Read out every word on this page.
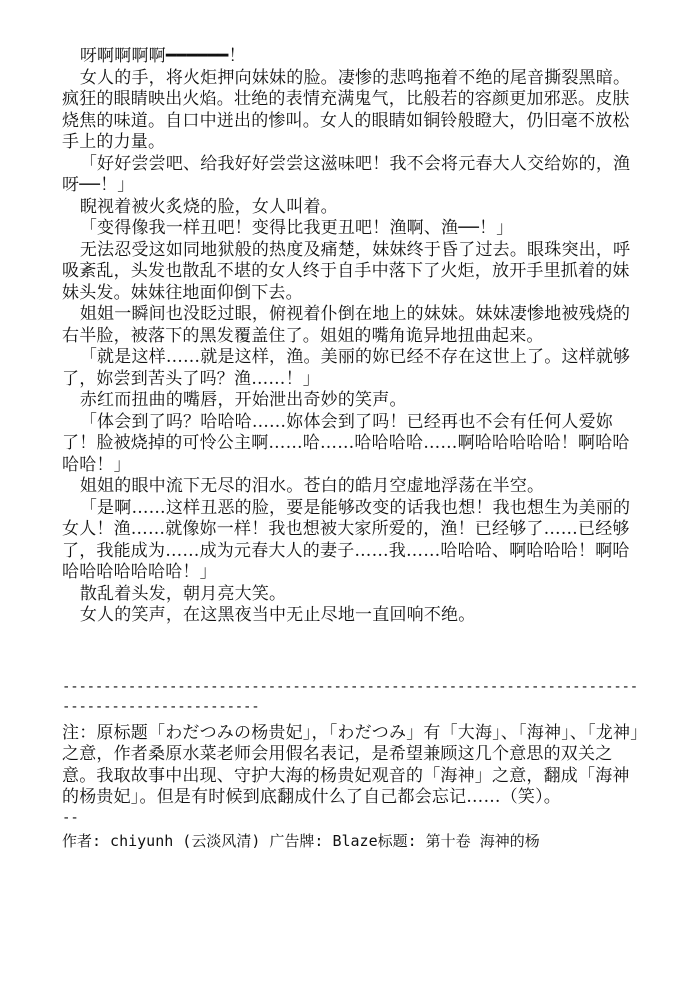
呀啊啊啊啊━━━━━━！

女人的手，将火炬押向妹妹的脸。凄惨的悲鸣拖着不绝的尾音撕裂黑暗。疯狂的眼睛映出火焰。壮绝的表情充满鬼气，比般若的容颜更加邪恶。皮肤烧焦的味道。自口中迸出的惨叫。女人的眼睛如铜铃般瞪大，仍旧毫不放松手上的力量。

「好好尝尝吧、给我好好尝尝这滋味吧！我不会将元春大人交给妳的，渔呀──！」

睨视着被火炙烧的脸，女人叫着。

「变得像我一样丑吧！变得比我更丑吧！渔啊、渔──！」

无法忍受这如同地狱般的热度及痛楚，妹妹终于昏了过去。眼珠突出，呼吸紊乱，头发也散乱不堪的女人终于自手中落下了火炬，放开手里抓着的妹妹头发。妹妹往地面仰倒下去。

姐姐一瞬间也没眨过眼，俯视着仆倒在地上的妹妹。妹妹凄惨地被残烧的右半脸，被落下的黑发覆盖住了。姐姐的嘴角诡异地扭曲起来。

「就是这样……就是这样，渔。美丽的妳已经不存在这世上了。这样就够了，妳尝到苦头了吗？渔……！」

赤红而扭曲的嘴唇，开始泄出奇妙的笑声。

「体会到了吗？哈哈哈……妳体会到了吗！已经再也不会有任何人爱妳了！脸被烧掉的可怜公主啊……哈……哈哈哈哈……啊哈哈哈哈哈！啊哈哈哈哈！」

姐姐的眼中流下无尽的泪水。苍白的皓月空虚地浮荡在半空。

「是啊……这样丑恶的脸，要是能够改变的话我也想！我也想生为美丽的女人！渔……就像妳一样！我也想被大家所爱的，渔！已经够了……已经够了，我能成为……成为元春大人的妻子……我……哈哈哈、啊哈哈哈！啊哈哈哈哈哈哈哈哈！」

散乱着头发，朝月亮大笑。

女人的笑声，在这黑夜当中无止尽地一直回响不绝。

----------------------------------------------------------------------------------------------

注：原标题「わだつみの杨贵妃」，「わだつみ」有「大海」、「海神」、「龙神」之意，作者桑原水菜老师会用假名表记，是希望兼顾这几个意思的双关之意。我取故事中出现、守护大海的杨贵妃观音的「海神」之意，翻成「海神的杨贵妃」。但是有时候到底翻成什么了自己都会忘记……（笑）。

--

作者: chiyunh (云淡风清) 广告牌: Blaze标题: 第十卷 海神的杨
